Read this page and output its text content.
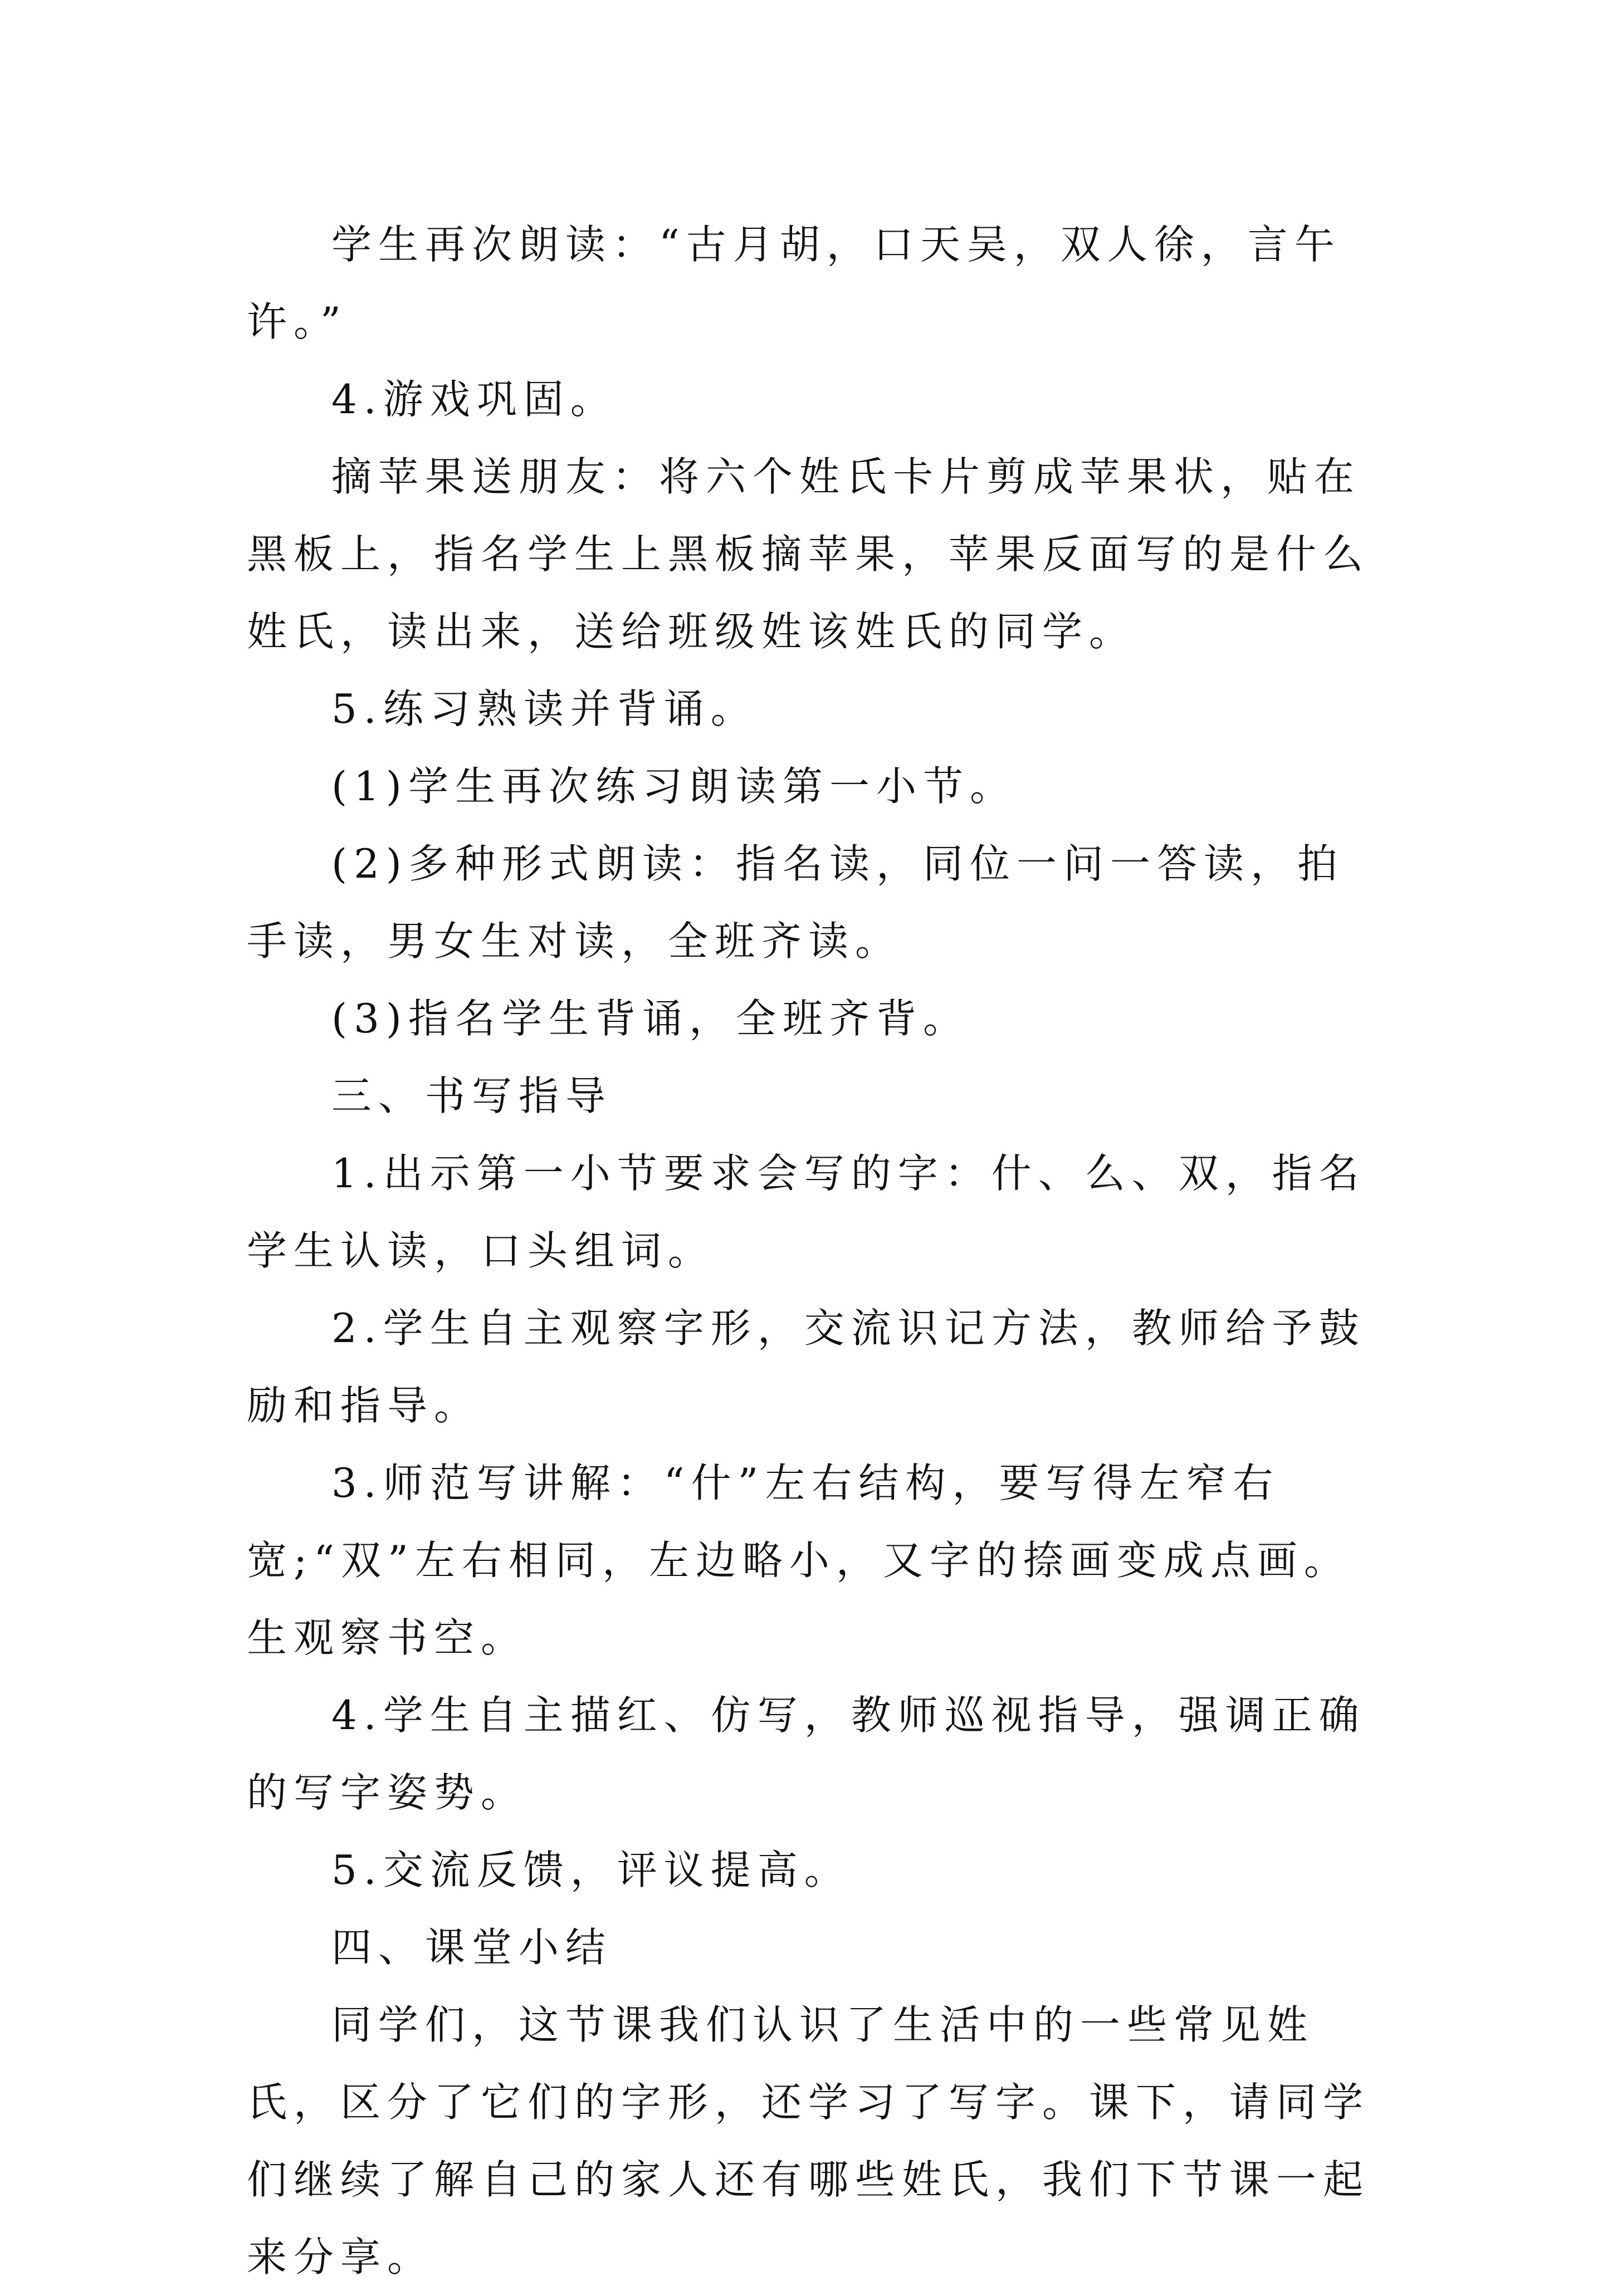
学生再次朗读：“古月胡，口天吴，双人徐，言午许。”

4.游戏巩固。

摘苹果送朋友：将六个姓氏卡片剪成苹果状，贴在黑板上，指名学生上黑板摘苹果，苹果反面写的是什么姓氏，读出来，送给班级姓该姓氏的同学。

5.练习熟读并背诵。

(1)学生再次练习朗读第一小节。

(2)多种形式朗读：指名读，同位一问一答读，拍手读，男女生对读，全班齐读。

(3)指名学生背诵，全班齐背。

三、书写指导

1.出示第一小节要求会写的字：什、么、双，指名学生认读，口头组词。

2.学生自主观察字形，交流识记方法，教师给予鼓励和指导。

3.师范写讲解：“什”左右结构，要写得左窄右宽;“双”左右相同，左边略小，又字的捺画变成点画。生观察书空。

4.学生自主描红、仿写，教师巡视指导，强调正确的写字姿势。

5.交流反馈，评议提高。

四、课堂小结

同学们，这节课我们认识了生活中的一些常见姓氏，区分了它们的字形，还学习了写字。课下，请同学们继续了解自己的家人还有哪些姓氏，我们下节课一起来分享。
